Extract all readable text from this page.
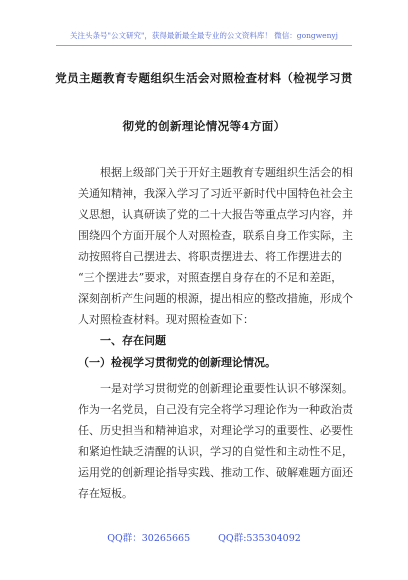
关注头条号"公文研究"，获得最新最全最专业的公文资料库！ 微信：gongwenyj
党员主题教育专题组织生活会对照检查材料（检视学习贯
彻党的创新理论情况等4方面）
根据上级部门关于开好主题教育专题组织生活会的相
关通知精神，我深入学习了习近平新时代中国特色社会主
义思想，认真研读了党的二十大报告等重点学习内容，并
围绕四个方面开展个人对照检查，联系自身工作实际，主
动按照将自己摆进去、将职责摆进去、将工作摆进去的
“三个摆进去”要求，对照查摆自身存在的不足和差距，
深刻剖析产生问题的根源，提出相应的整改措施，形成个
人对照检查材料。现对照检查如下：
一、存在问题
（一）检视学习贯彻党的创新理论情况。
一是对学习贯彻党的创新理论重要性认识不够深刻。
作为一名党员，自己没有完全将学习理论作为一种政治责
任、历史担当和精神追求，对理论学习的重要性、必要性
和紧迫性缺乏清醒的认识，学习的自觉性和主动性不足，
运用党的创新理论指导实践、推动工作、破解难题方面还
存在短板。
QQ群：30265665	QQ群:535304092
